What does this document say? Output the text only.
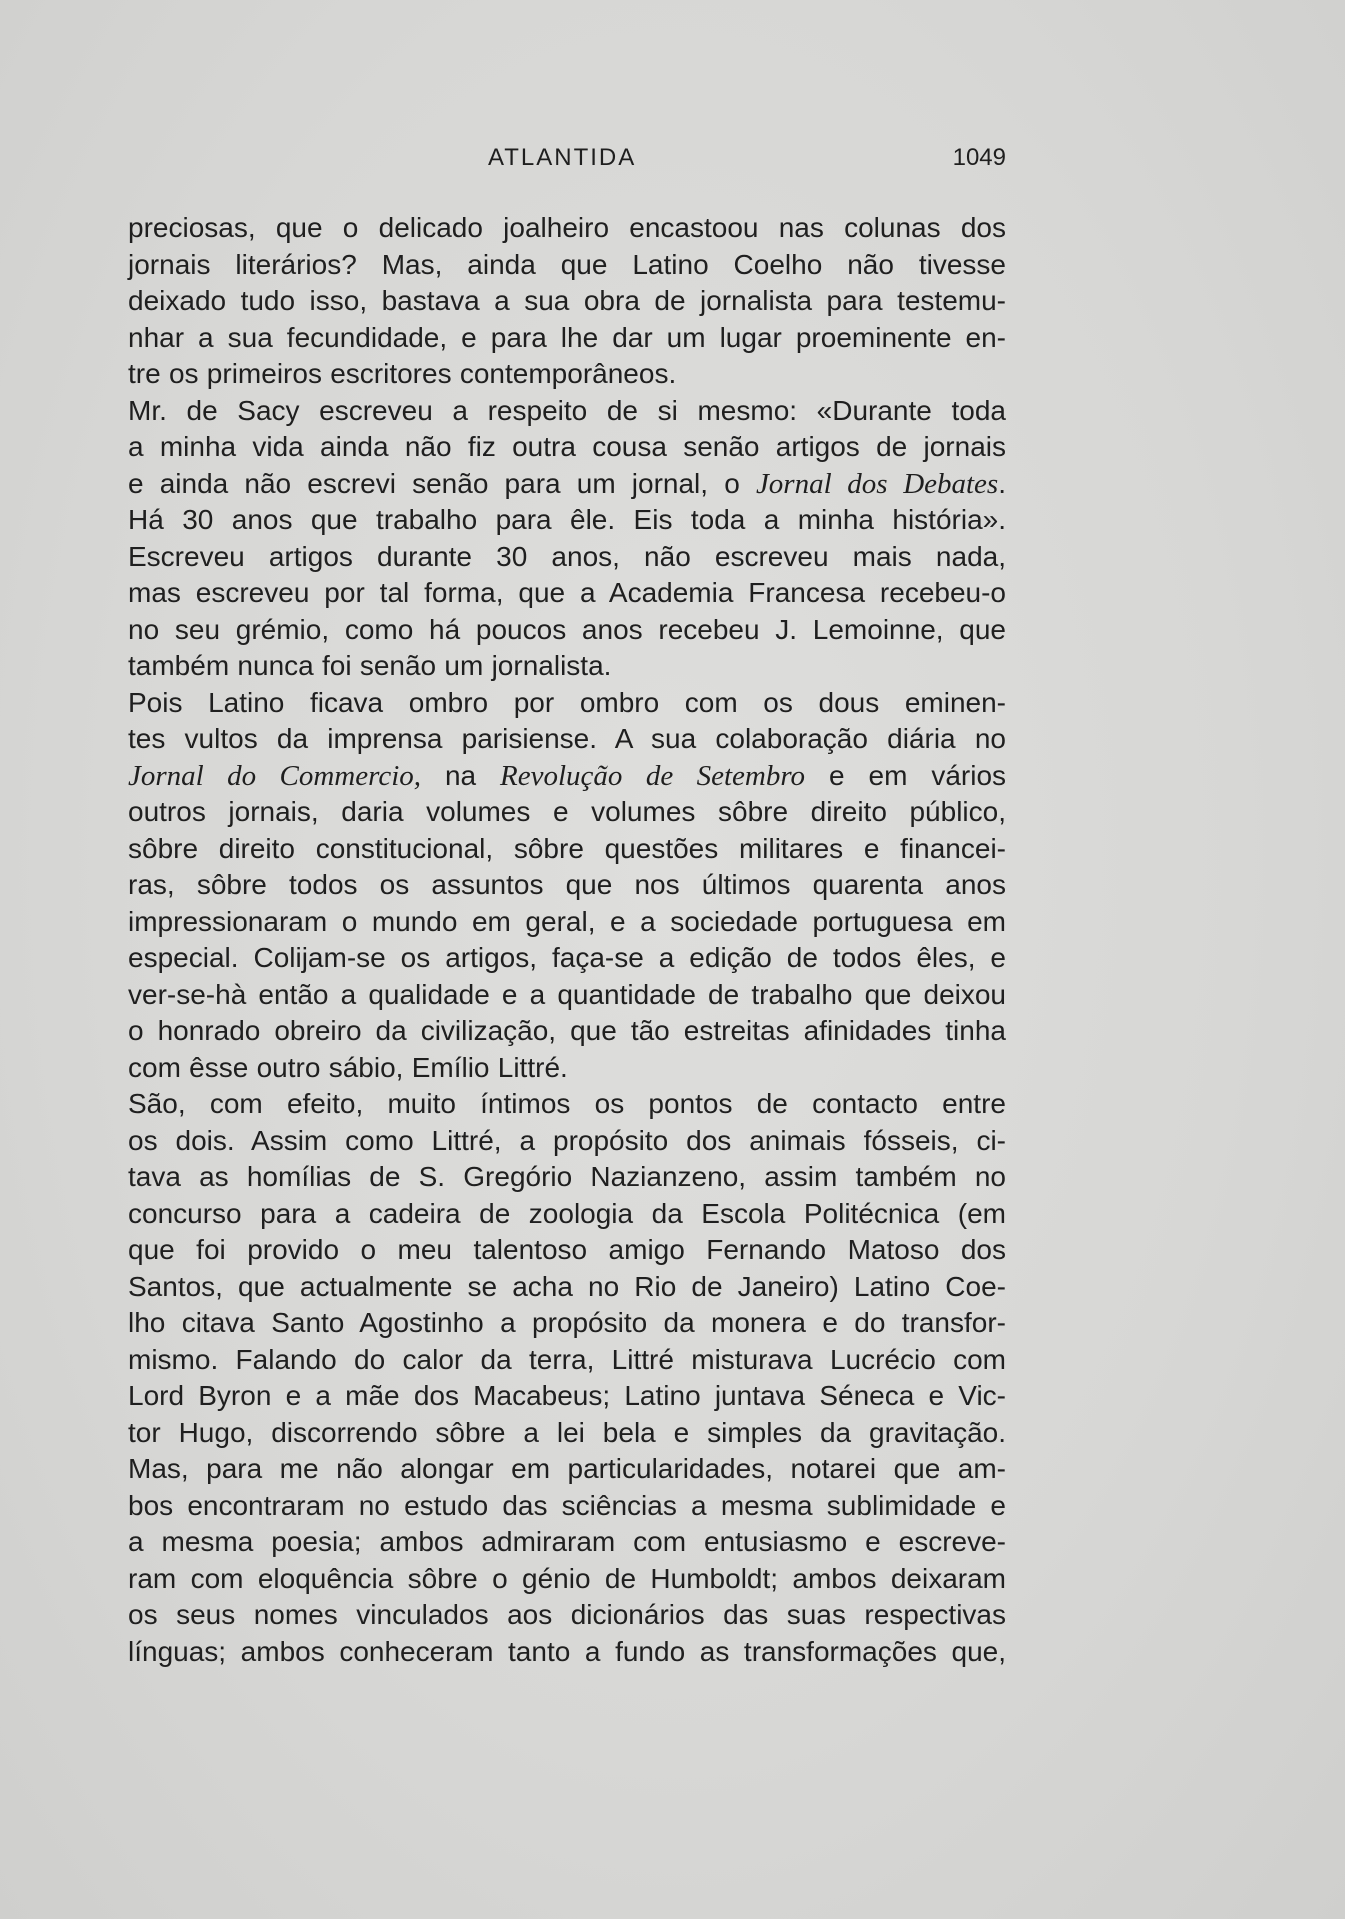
ATLANTIDA	1049
preciosas, que o delicado joalheiro encastoou nas colunas dos
jornais literários? Mas, ainda que Latino Coelho não tivesse
deixado tudo isso, bastava a sua obra de jornalista para testemu-
nhar a sua fecundidade, e para lhe dar um lugar proeminente en-
tre os primeiros escritores contemporâneos.
Mr. de Sacy escreveu a respeito de si mesmo: «Durante toda
a minha vida ainda não fiz outra cousa senão artigos de jornais
e ainda não escrevi senão para um jornal, o Jornal dos Debates.
Há 30 anos que trabalho para êle. Eis toda a minha história».
Escreveu artigos durante 30 anos, não escreveu mais nada,
mas escreveu por tal forma, que a Academia Francesa recebeu-o
no seu grémio, como há poucos anos recebeu J. Lemoinne, que
também nunca foi senão um jornalista.
Pois Latino ficava ombro por ombro com os dous eminen-
tes vultos da imprensa parisiense. A sua colaboração diária no
Jornal do Commercio, na Revolução de Setembro e em vários
outros jornais, daria volumes e volumes sôbre direito público,
sôbre direito constitucional, sôbre questões militares e financei-
ras, sôbre todos os assuntos que nos últimos quarenta anos
impressionaram o mundo em geral, e a sociedade portuguesa em
especial. Colijam-se os artigos, faça-se a edição de todos êles, e
ver-se-hà então a qualidade e a quantidade de trabalho que deixou
o honrado obreiro da civilização, que tão estreitas afinidades tinha
com êsse outro sábio, Emílio Littré.
São, com efeito, muito íntimos os pontos de contacto entre
os dois. Assim como Littré, a propósito dos animais fósseis, ci-
tava as homílias de S. Gregório Nazianzeno, assim também no
concurso para a cadeira de zoologia da Escola Politécnica (em
que foi provido o meu talentoso amigo Fernando Matoso dos
Santos, que actualmente se acha no Rio de Janeiro) Latino Coe-
lho citava Santo Agostinho a propósito da monera e do transfor-
mismo. Falando do calor da terra, Littré misturava Lucrécio com
Lord Byron e a mãe dos Macabeus; Latino juntava Séneca e Vic-
tor Hugo, discorrendo sôbre a lei bela e simples da gravitação.
Mas, para me não alongar em particularidades, notarei que am-
bos encontraram no estudo das sciências a mesma sublimidade e
a mesma poesia; ambos admiraram com entusiasmo e escreve-
ram com eloquência sôbre o génio de Humboldt; ambos deixaram
os seus nomes vinculados aos dicionários das suas respectivas
línguas; ambos conheceram tanto a fundo as transformações que,
